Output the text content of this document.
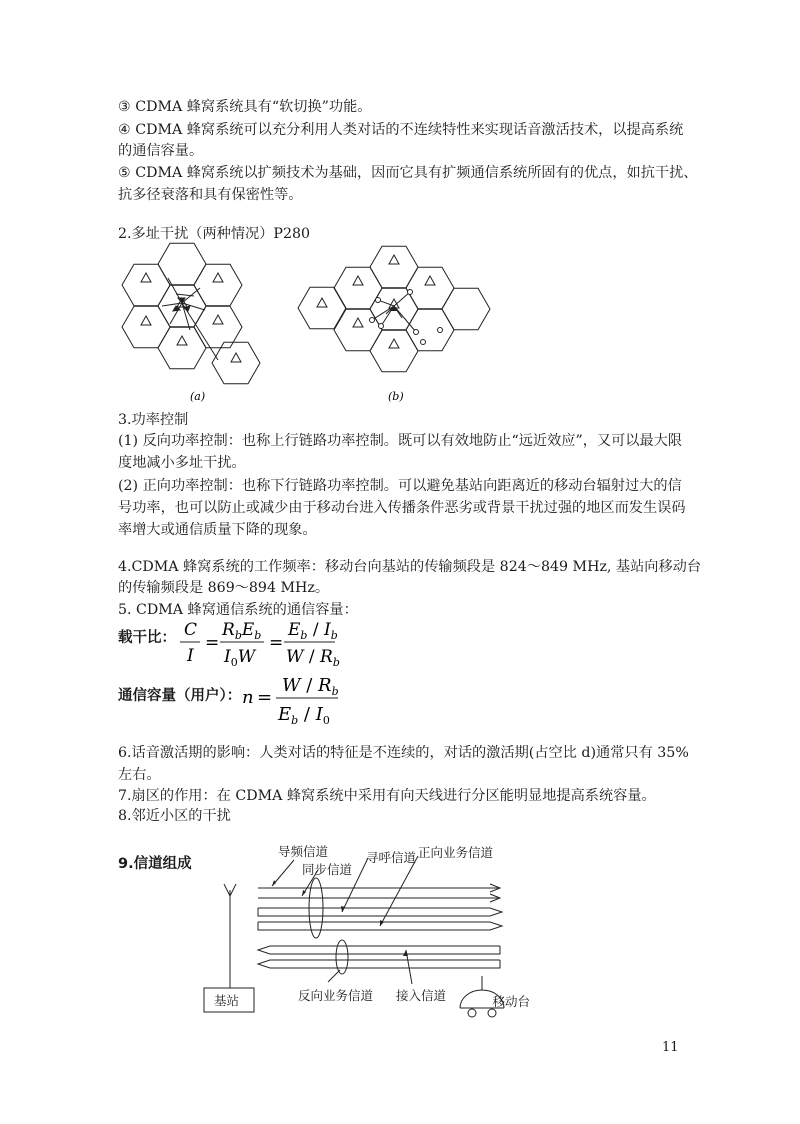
③ CDMA 蜂窝系统具有“软切换”功能。
④ CDMA 蜂窝系统可以充分利用人类对话的不连续特性来实现话音激活技术，以提高系统
的通信容量。
⑤ CDMA 蜂窝系统以扩频技术为基础，因而它具有扩频通信系统所固有的优点，如抗干扰、
抗多径衰落和具有保密性等。
2.多址干扰（两种情况）P280
(a)	(b)
3.功率控制
(1) 反向功率控制：也称上行链路功率控制。既可以有效地防止“远近效应”，又可以最大限
度地减小多址干扰。
(2) 正向功率控制：也称下行链路功率控制。可以避免基站向距离近的移动台辐射过大的信
号功率，也可以防止或减少由于移动台进入传播条件恶劣或背景干扰过强的地区而发生误码
率增大或通信质量下降的现象。
4.CDMA 蜂窝系统的工作频率：移动台向基站的传输频段是 824～849 MHz, 基站向移动台
的传输频段是 869～894 MHz。
5. CDMA 蜂窝通信系统的通信容量：
载干比： C
I
=
$R_bE_b$
$I_0W$
=
$E_b / I_b$
W / $R_b$
通信容量（用户）： n =
W / $R_b$
$E_b / I_0$
6.话音激活期的影响：人类对话的特征是不连续的，对话的激活期(占空比 d)通常只有 35%
左右。
7.扇区的作用：在 CDMA 蜂窝系统中采用有向天线进行分区能明显地提高系统容量。
8.邻近小区的干扰
9.信道组成
导频信道
同步信道
寻呼信道 正向业务信道
反向业务信道 接入信道
基站	移动台
11
